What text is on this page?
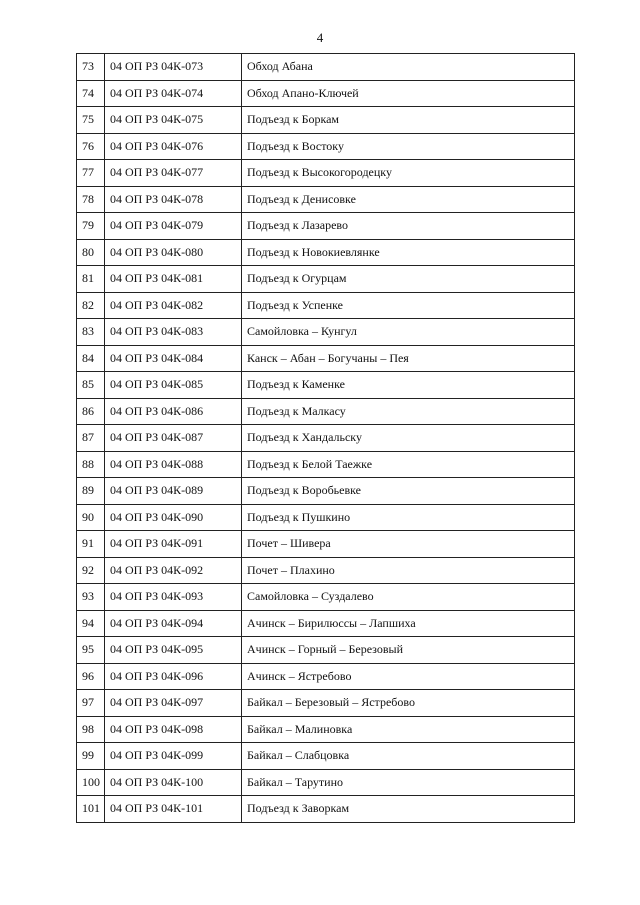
4
73	04 ОП РЗ 04К-073	Обход Абана
74	04 ОП РЗ 04К-074	Обход Апано-Ключей
75	04 ОП РЗ 04К-075	Подъезд к Боркам
76	04 ОП РЗ 04К-076	Подъезд к Востоку
77	04 ОП РЗ 04К-077	Подъезд к Высокогородецку
78	04 ОП РЗ 04К-078	Подъезд к Денисовке
79	04 ОП РЗ 04К-079	Подъезд к Лазарево
80	04 ОП РЗ 04К-080	Подъезд к Новокиевлянке
81	04 ОП РЗ 04К-081	Подъезд к Огурцам
82	04 ОП РЗ 04К-082	Подъезд к Успенке
83	04 ОП РЗ 04К-083	Самойловка – Кунгул
84	04 ОП РЗ 04К-084	Канск – Абан – Богучаны – Пея
85	04 ОП РЗ 04К-085	Подъезд к Каменке
86	04 ОП РЗ 04К-086	Подъезд к Малкасу
87	04 ОП РЗ 04К-087	Подъезд к Хандальску
88	04 ОП РЗ 04К-088	Подъезд к Белой Таежке
89	04 ОП РЗ 04К-089	Подъезд к Воробьевке
90	04 ОП РЗ 04К-090	Подъезд к Пушкино
91	04 ОП РЗ 04К-091	Почет – Шивера
92	04 ОП РЗ 04К-092	Почет – Плахино
93	04 ОП РЗ 04К-093	Самойловка – Суздалево
94	04 ОП РЗ 04К-094	Ачинск – Бирилюссы – Лапшиха
95	04 ОП РЗ 04К-095	Ачинск – Горный – Березовый
96	04 ОП РЗ 04К-096	Ачинск – Ястребово
97	04 ОП РЗ 04К-097	Байкал – Березовый – Ястребово
98	04 ОП РЗ 04К-098	Байкал – Малиновка
99	04 ОП РЗ 04К-099	Байкал – Слабцовка
100	04 ОП РЗ 04К-100	Байкал – Тарутино
101	04 ОП РЗ 04К-101	Подъезд к Заворкам
